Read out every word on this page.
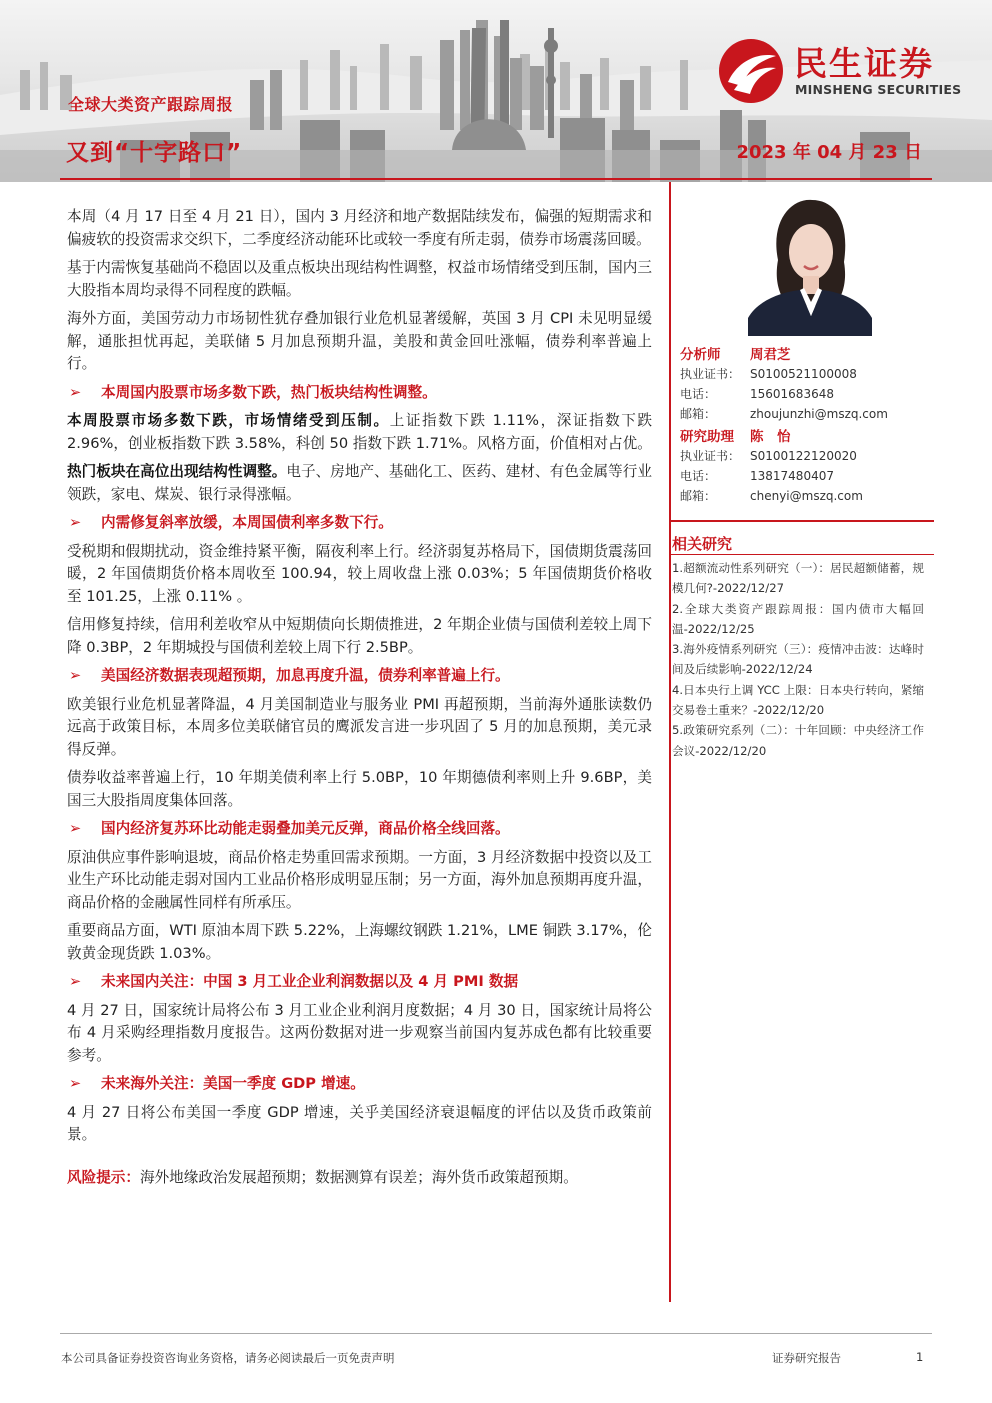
全球大类资产跟踪周报
又到“十字路口”	2023 年 04 月 23 日
民生证券
MINSHENG SECURITIES

本周（4 月 17 日至 4 月 21 日），国内 3 月经济和地产数据陆续发布，偏强的短期需求和偏疲软的投资需求交织下，二季度经济动能环比或较一季度有所走弱，债券市场震荡回暖。

基于内需恢复基础尚不稳固以及重点板块出现结构性调整，权益市场情绪受到压制，国内三大股指本周均录得不同程度的跌幅。

海外方面，美国劳动力市场韧性犹存叠加银行业危机显著缓解，英国 3 月 CPI 未见明显缓解，通胀担忧再起，美联储 5 月加息预期升温，美股和黄金回吐涨幅，债券利率普遍上行。

➢ 本周国内股票市场多数下跌，热门板块结构性调整。

本周股票市场多数下跌，市场情绪受到压制。上证指数下跌 1.11%，深证指数下跌 2.96%，创业板指数下跌 3.58%，科创 50 指数下跌 1.71%。风格方面，价值相对占优。

热门板块在高位出现结构性调整。电子、房地产、基础化工、医药、建材、有色金属等行业领跌，家电、煤炭、银行录得涨幅。

➢ 内需修复斜率放缓，本周国债利率多数下行。

受税期和假期扰动，资金维持紧平衡，隔夜利率上行。经济弱复苏格局下，国债期货震荡回暖，2 年国债期货价格本周收至 100.94，较上周收盘上涨 0.03%；5 年国债期货价格收至 101.25，上涨 0.11% 。

信用修复持续，信用利差收窄从中短期债向长期债推进，2 年期企业债与国债利差较上周下降 0.3BP，2 年期城投与国债利差较上周下行 2.5BP。

➢ 美国经济数据表现超预期，加息再度升温，债券利率普遍上行。

欧美银行业危机显著降温，4 月美国制造业与服务业 PMI 再超预期，当前海外通胀读数仍远高于政策目标，本周多位美联储官员的鹰派发言进一步巩固了 5 月的加息预期，美元录得反弹。

债券收益率普遍上行，10 年期美债利率上行 5.0BP，10 年期德债利率则上升 9.6BP，美国三大股指周度集体回落。

➢ 国内经济复苏环比动能走弱叠加美元反弹，商品价格全线回落。

原油供应事件影响退坡，商品价格走势重回需求预期。一方面，3 月经济数据中投资以及工业生产环比动能走弱对国内工业品价格形成明显压制；另一方面，海外加息预期再度升温，商品价格的金融属性同样有所承压。

重要商品方面，WTI 原油本周下跌 5.22%，上海螺纹钢跌 1.21%，LME 铜跌 3.17%，伦敦黄金现货跌 1.03%。

➢ 未来国内关注：中国 3 月工业企业利润数据以及 4 月 PMI 数据

4 月 27 日，国家统计局将公布 3 月工业企业利润月度数据；4 月 30 日，国家统计局将公布 4 月采购经理指数月度报告。这两份数据对进一步观察当前国内复苏成色都有比较重要参考。

➢ 未来海外关注：美国一季度 GDP 增速。

4 月 27 日将公布美国一季度 GDP 增速，关乎美国经济衰退幅度的评估以及货币政策前景。

风险提示：海外地缘政治发展超预期；数据测算有误差；海外货币政策超预期。

分析师	周君芝
执业证书： S0100521100008
电话：	15601683648
邮箱：	zhoujunzhi@mszq.com
研究助理	陈　怡
执业证书： S0100122120020
电话：	13817480407
邮箱：	chenyi@mszq.com
相关研究
1.超额流动性系列研究（一）：居民超额储蓄，规模几何?-2022/12/27
2.全球大类资产跟踪周报：国内债市大幅回温-2022/12/25
3.海外疫情系列研究（三）：疫情冲击波：达峰时间及后续影响-2022/12/24
4.日本央行上调 YCC 上限：日本央行转向，紧缩交易卷土重来？-2022/12/20
5.政策研究系列（二）：十年回顾：中央经济工作会议-2022/12/20
本公司具备证券投资咨询业务资格，请务必阅读最后一页免责声明	证券研究报告	1
